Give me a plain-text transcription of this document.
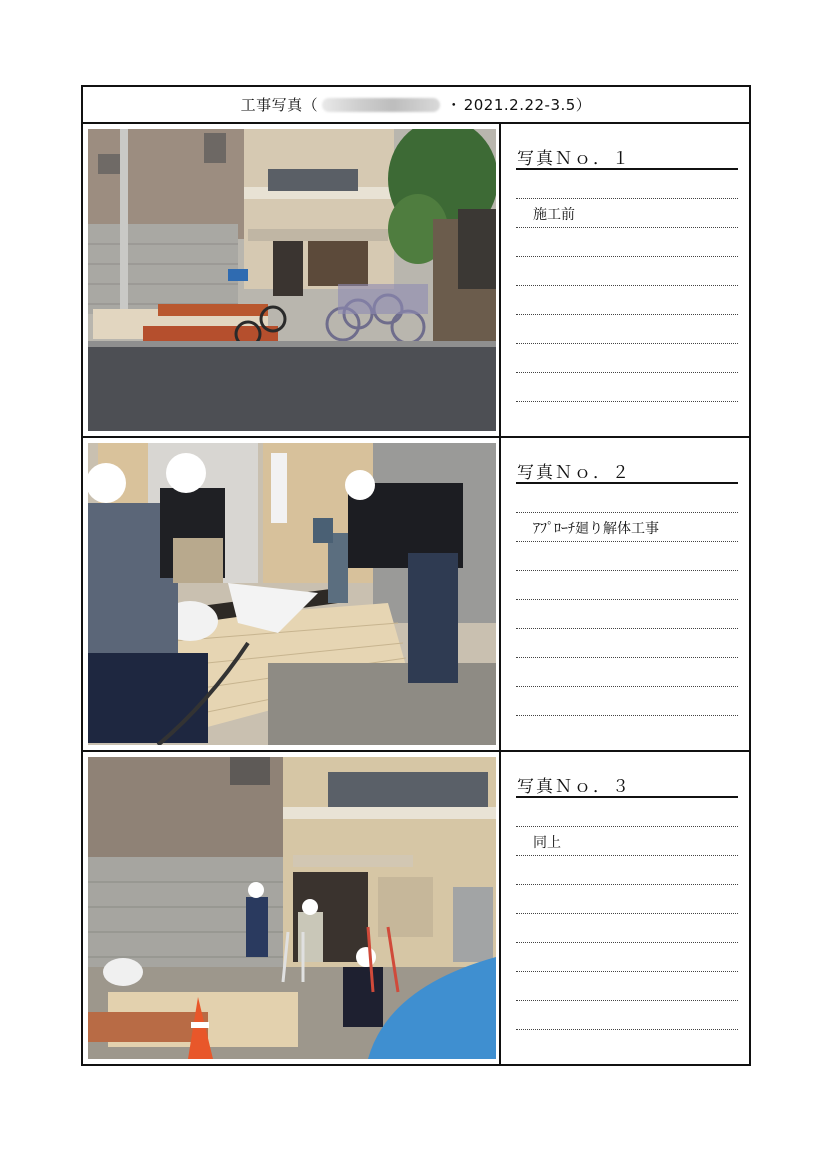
工事写真（	・ 2021.2.22-3.5）
写真Ｎｏ．１
施工前
写真Ｎｏ．２
ｱﾌﾟﾛｰﾁ廻り解体工事
写真Ｎｏ．３
同上
